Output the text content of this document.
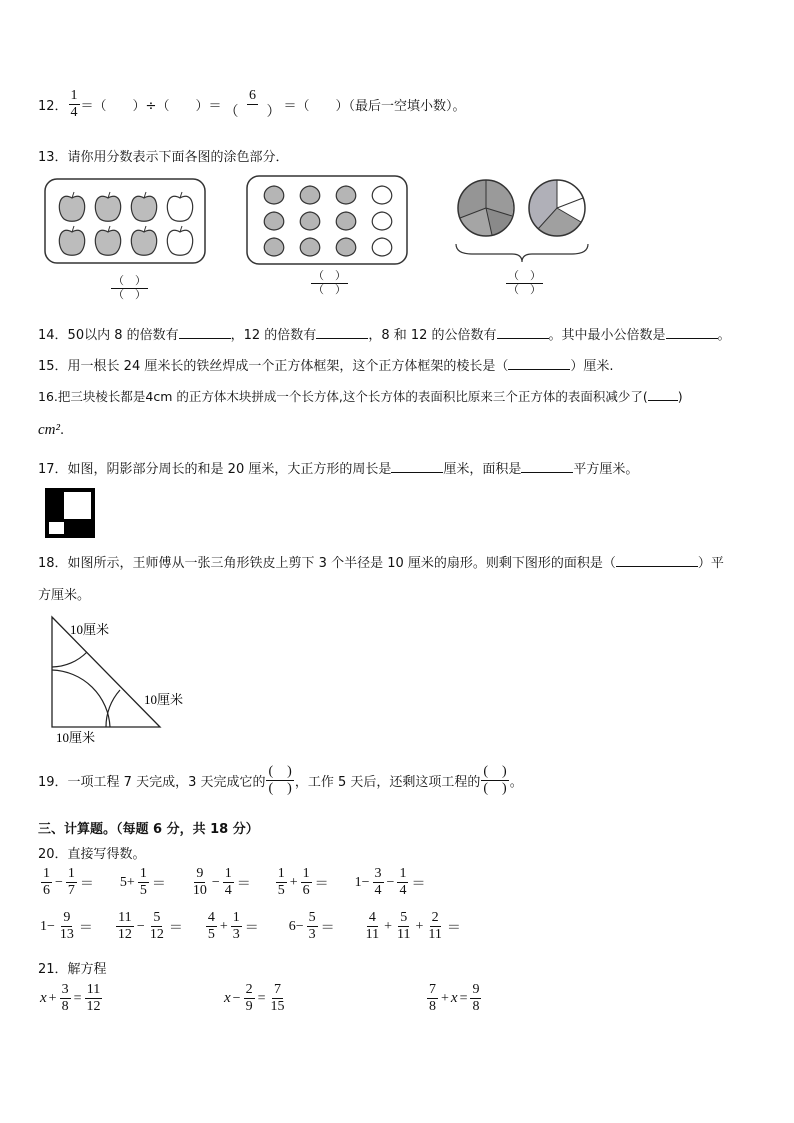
12． $\frac{1}{4}$ ＝（　　）÷（　　）＝ $\frac{6}{( )}$ ＝（　　）（最后一空填小数）。
13．请你用分数表示下面各图的涂色部分．
（　）
（　）
（　）
（　）
（　）
（　）
14．50以内 8 的倍数有	，12 的倍数有	，8 和 12 的公倍数有	。其中最小公倍数是	。
15．用一根长 24 厘米长的铁丝焊成一个正方体框架，这个正方体框架的棱长是（	）厘米.
16.把三块棱长都是4cm 的正方体木块拼成一个长方体,这个长方体的表面积比原来三个正方体的表面积减少了( )
cm².
17．如图，阴影部分周长的和是 20 厘米，大正方形的周长是	厘米，面积是	平方厘米。
18．如图所示，王师傅从一张三角形铁皮上剪下 3 个半径是 10 厘米的扇形。则剩下图形的面积是（	）平
方厘米。
10厘米
10厘米
10厘米
19．一项工程 7 天完成，3 天完成它的 $\frac{( )}{( )}$ ，工作 5 天后，还剩这项工程的 $\frac{( )}{( )}$ 。
三、计算题。（每题 6 分，共 18 分）
20．直接写得数。
$\frac{1}{6} - \frac{1}{7} = 5+ \frac{1}{5} = \frac{9}{10} - \frac{1}{4} = \frac{1}{5} + \frac{1}{6} = 1- \frac{3}{4} - \frac{1}{4}$ ＝
$1- \frac{9}{13} = \frac{11}{12} - \frac{5}{12} = \frac{4}{5} + \frac{1}{3} = 6- \frac{5}{3} = \frac{4}{11} + \frac{5}{11} + \frac{2}{11}$ ＝
21．解方程
$x + \frac{3}{8} = \frac{11}{12}$	$x - \frac{2}{9} = \frac{7}{15}$	$\frac{7}{8} + x = \frac{9}{8}$
